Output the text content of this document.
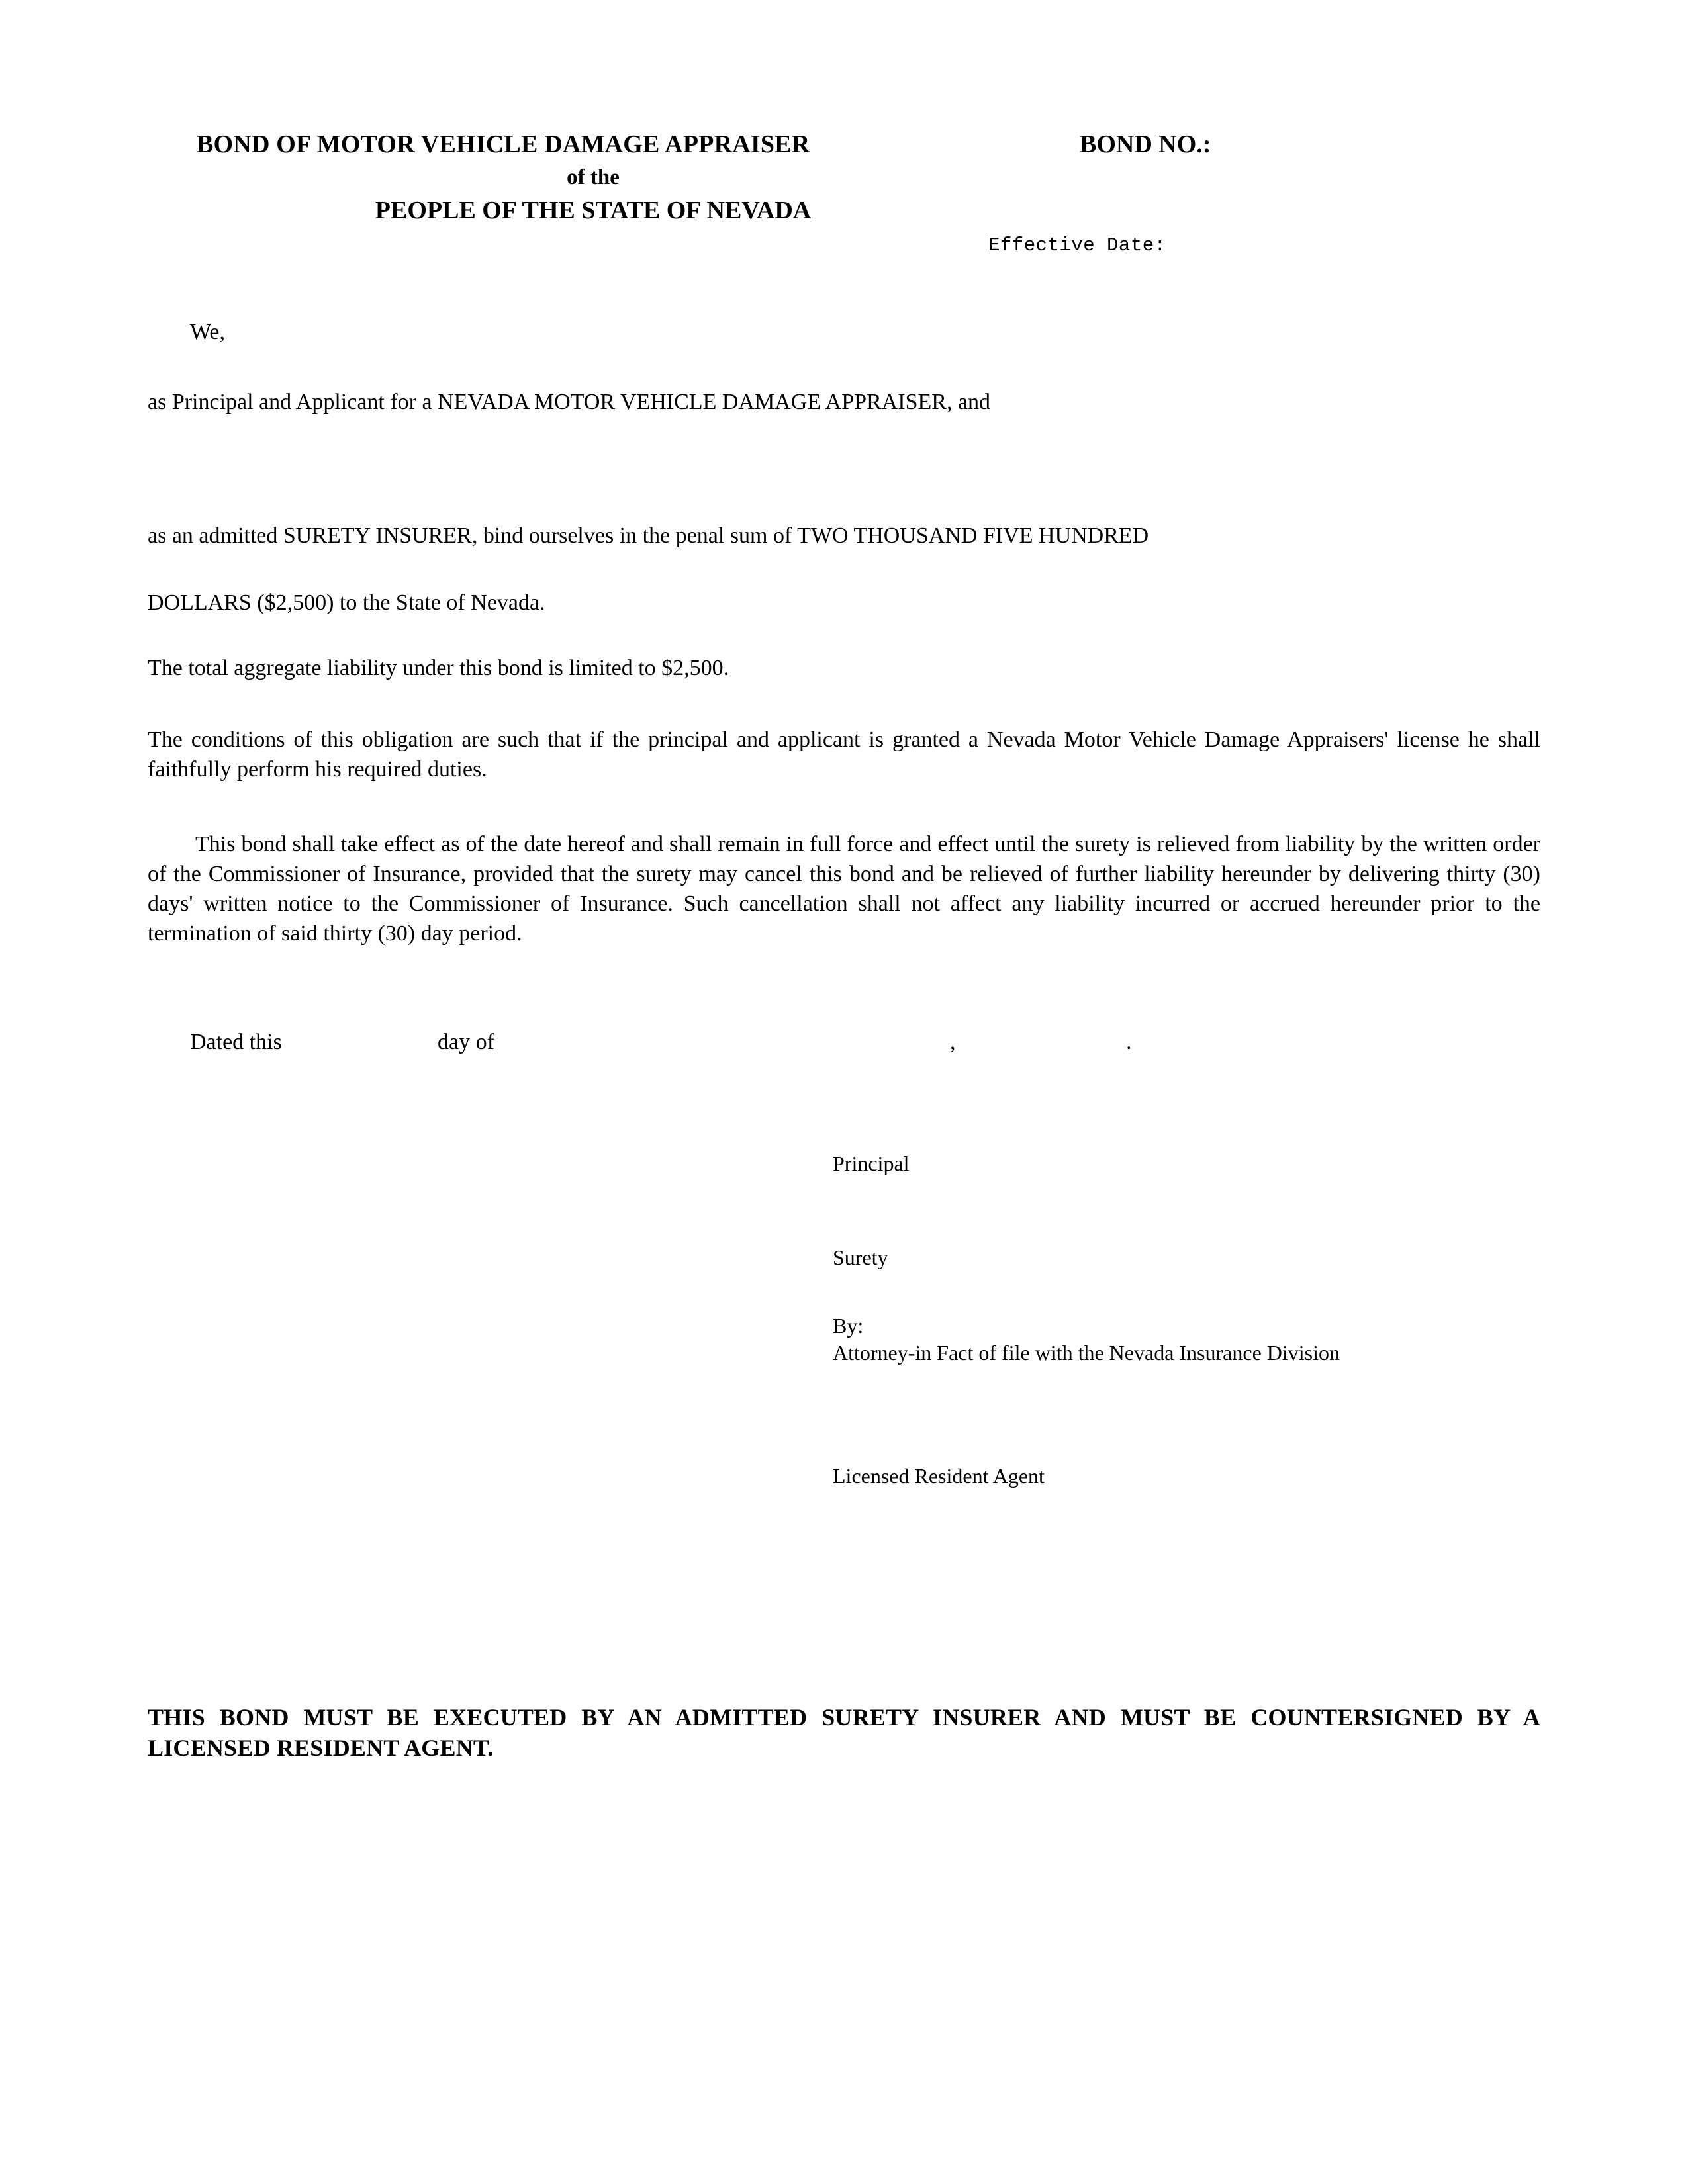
BOND OF MOTOR VEHICLE DAMAGE APPRAISER	BOND NO.:
of the
PEOPLE OF THE STATE OF NEVADA
Effective Date:
We,
as Principal and Applicant for a NEVADA MOTOR VEHICLE DAMAGE APPRAISER, and
as an admitted SURETY INSURER, bind ourselves in the penal sum of TWO THOUSAND FIVE HUNDRED
DOLLARS ($2,500) to the State of Nevada.
The total aggregate liability under this bond is limited to $2,500.
The conditions of this obligation are such that if the principal and applicant is granted a Nevada Motor Vehicle Damage Appraisers' license he shall faithfully perform his required duties.
This bond shall take effect as of the date hereof and shall remain in full force and effect until the surety is relieved from liability by the written order of the Commissioner of Insurance, provided that the surety may cancel this bond and be relieved of further liability hereunder by delivering thirty (30) days' written notice to the Commissioner of Insurance. Such cancellation shall not affect any liability incurred or accrued hereunder prior to the termination of said thirty (30) day period.
Dated this	day of	,	.
Principal
Surety
By:
Attorney-in Fact of file with the Nevada Insurance Division
Licensed Resident Agent
THIS BOND MUST BE EXECUTED BY AN ADMITTED SURETY INSURER AND MUST BE COUNTERSIGNED BY A LICENSED RESIDENT AGENT.
